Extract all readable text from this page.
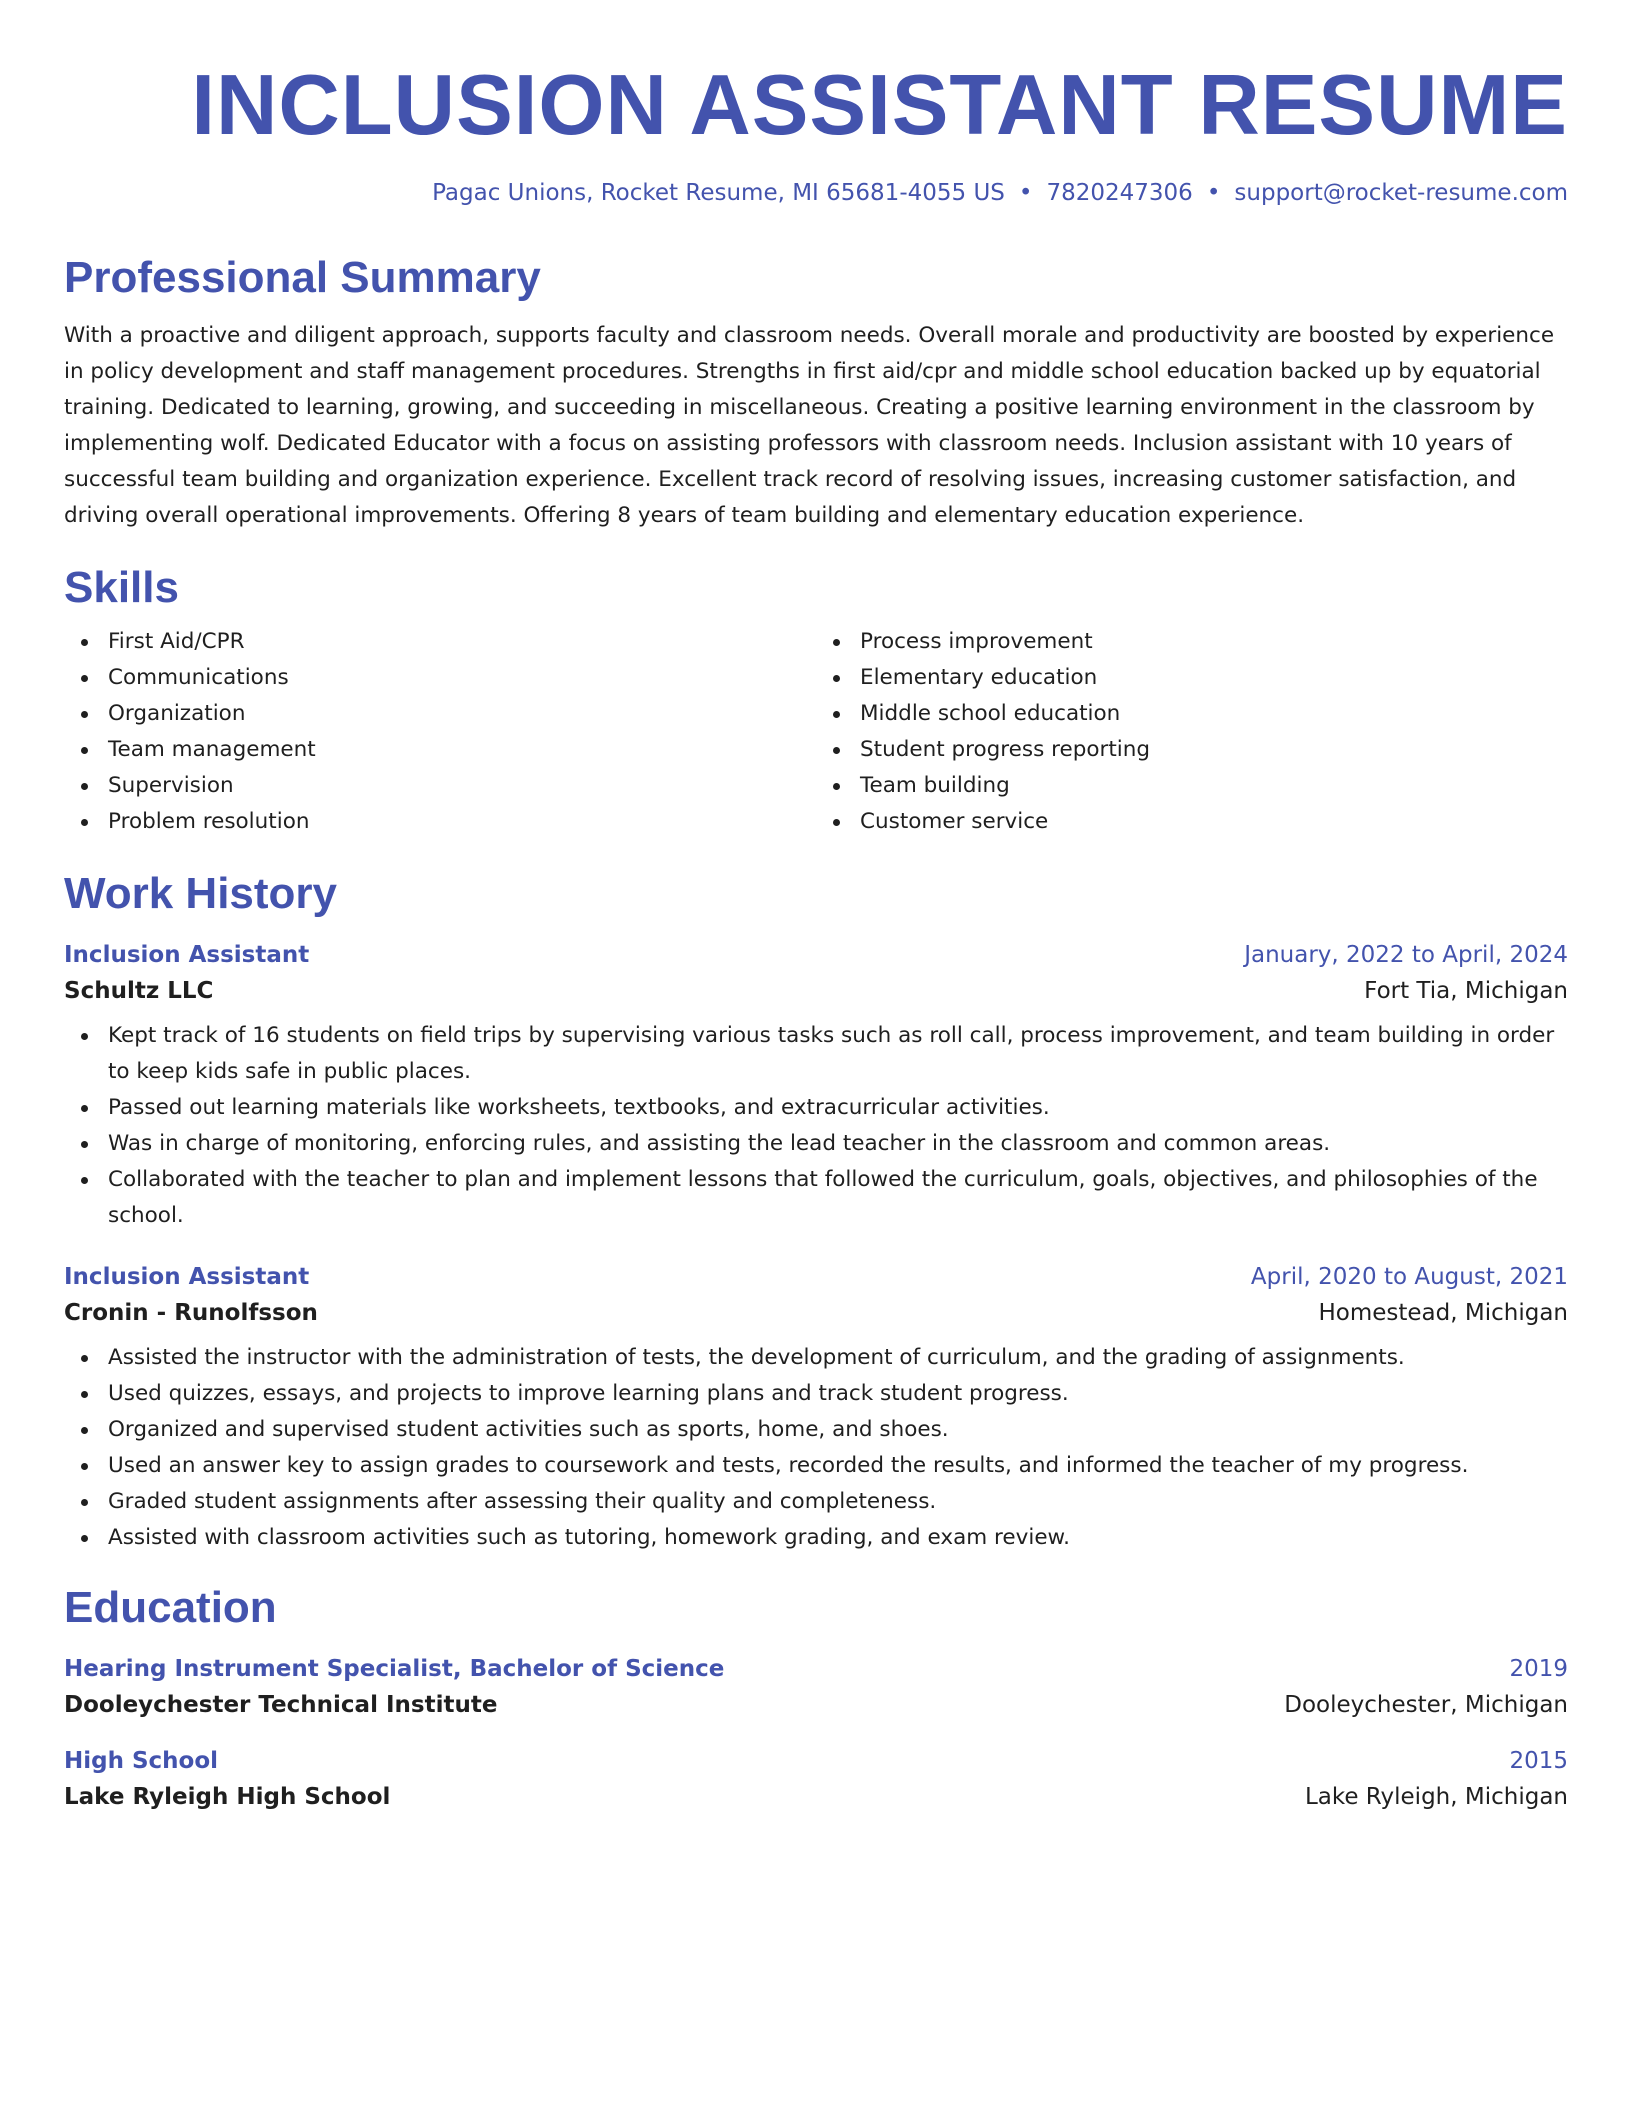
INCLUSION ASSISTANT RESUME
Pagac Unions, Rocket Resume, MI 65681-4055 US • 7820247306 • support@rocket-resume.com
Professional Summary
With a proactive and diligent approach, supports faculty and classroom needs. Overall morale and productivity are boosted by experience in policy development and staff management procedures. Strengths in first aid/cpr and middle school education backed up by equatorial training. Dedicated to learning, growing, and succeeding in miscellaneous. Creating a positive learning environment in the classroom by implementing wolf. Dedicated Educator with a focus on assisting professors with classroom needs. Inclusion assistant with 10 years of successful team building and organization experience. Excellent track record of resolving issues, increasing customer satisfaction, and driving overall operational improvements. Offering 8 years of team building and elementary education experience.
Skills
First Aid/CPR
Communications
Organization
Team management
Supervision
Problem resolution
Process improvement
Elementary education
Middle school education
Student progress reporting
Team building
Customer service
Work History
Inclusion Assistant	January, 2022 to April, 2024
Schultz LLC	Fort Tia, Michigan
Kept track of 16 students on field trips by supervising various tasks such as roll call, process improvement, and team building in order to keep kids safe in public places.
Passed out learning materials like worksheets, textbooks, and extracurricular activities.
Was in charge of monitoring, enforcing rules, and assisting the lead teacher in the classroom and common areas.
Collaborated with the teacher to plan and implement lessons that followed the curriculum, goals, objectives, and philosophies of the school.
Inclusion Assistant	April, 2020 to August, 2021
Cronin - Runolfsson	Homestead, Michigan
Assisted the instructor with the administration of tests, the development of curriculum, and the grading of assignments.
Used quizzes, essays, and projects to improve learning plans and track student progress.
Organized and supervised student activities such as sports, home, and shoes.
Used an answer key to assign grades to coursework and tests, recorded the results, and informed the teacher of my progress.
Graded student assignments after assessing their quality and completeness.
Assisted with classroom activities such as tutoring, homework grading, and exam review.
Education
Hearing Instrument Specialist, Bachelor of Science	2019
Dooleychester Technical Institute	Dooleychester, Michigan
High School	2015
Lake Ryleigh High School	Lake Ryleigh, Michigan
